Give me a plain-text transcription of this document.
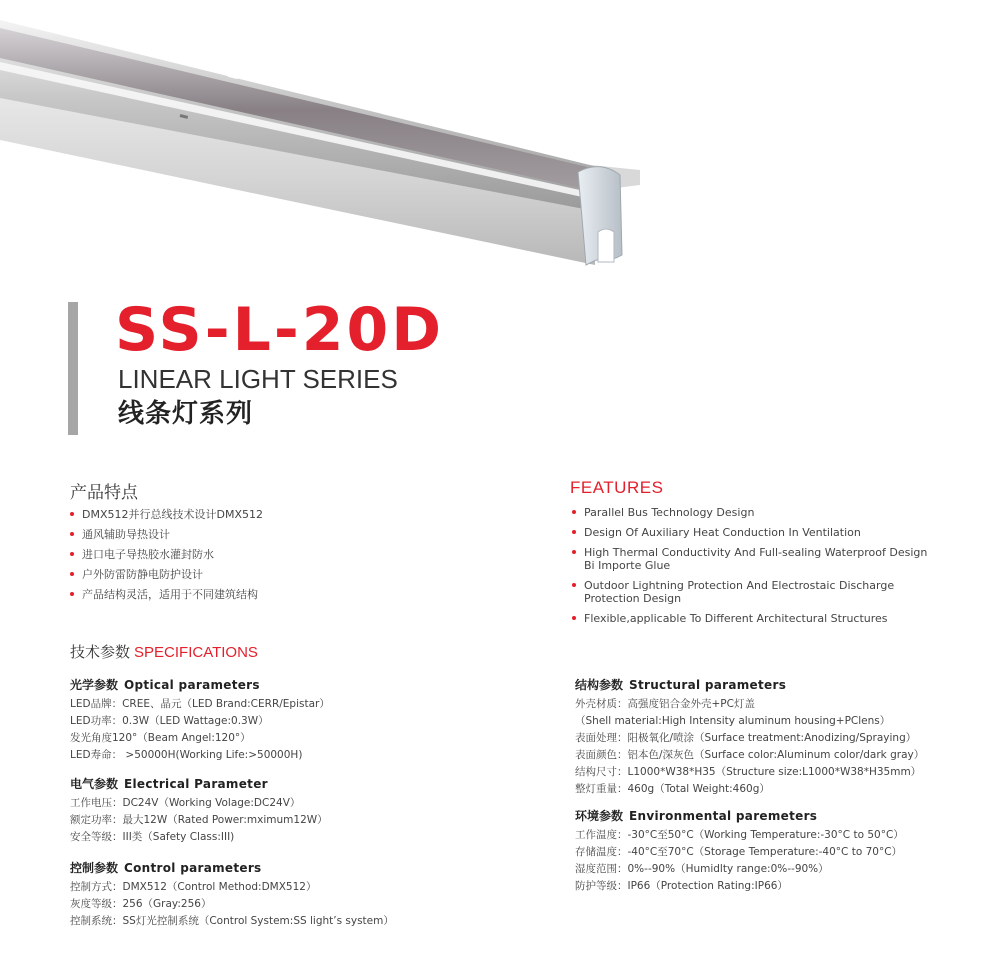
SS-L-20D
LINEAR LIGHT SERIES
线条灯系列
产品特点
DMX512并行总线技术设计DMX512
通风辅助导热设计
进口电子导热胶水灌封防水
户外防雷防静电防护设计
产品结构灵活，适用于不同建筑结构
FEATURES
Parallel Bus Technology Design
Design Of Auxiliary Heat Conduction In Ventilation
High Thermal Conductivity And Full-sealing Waterproof Design Bi Importe Glue
Outdoor Lightning Protection And Electrostaic Discharge Protection Design
Flexible,applicable To Different Architectural Structures
技术参数 SPECIFICATIONS
光学参数 Optical parameters
LED品牌：CREE、晶元（LED Brand:CERR/Epistar）
LED功率：0.3W（LED Wattage:0.3W）
发光角度120°（Beam Angel:120°）
LED寿命： >50000H(Working Life:>50000H)
电气参数 Electrical Parameter
工作电压：DC24V（Working Volage:DC24V）
额定功率：最大12W（Rated Power:mximum12W）
安全等级：III类（Safety Class:III)
控制参数 Control parameters
控制方式：DMX512（Control Method:DMX512）
灰度等级：256（Gray:256）
控制系统：SS灯光控制系统（Control System:SS light’s system）
结构参数 Structural parameters
外壳材质：高强度铝合金外壳+PC灯盖
（Shell material:High Intensity aluminum housing+PClens）
表面处理：阳极氧化/喷涂（Surface treatment:Anodizing/Spraying）
表面颜色：铝本色/深灰色（Surface color:Aluminum color/dark gray）
结构尺寸：L1000*W38*H35（Structure size:L1000*W38*H35mm）
整灯重量：460g（Total Weight:460g）
环境参数 Environmental paremeters
工作温度：-30°C至50°C（Working Temperature:-30°C to 50°C）
存储温度：-40°C至70°C（Storage Temperature:-40°C to 70°C）
湿度范围：0%--90%（Humidlty range:0%--90%）
防护等级：IP66（Protection Rating:IP66）
